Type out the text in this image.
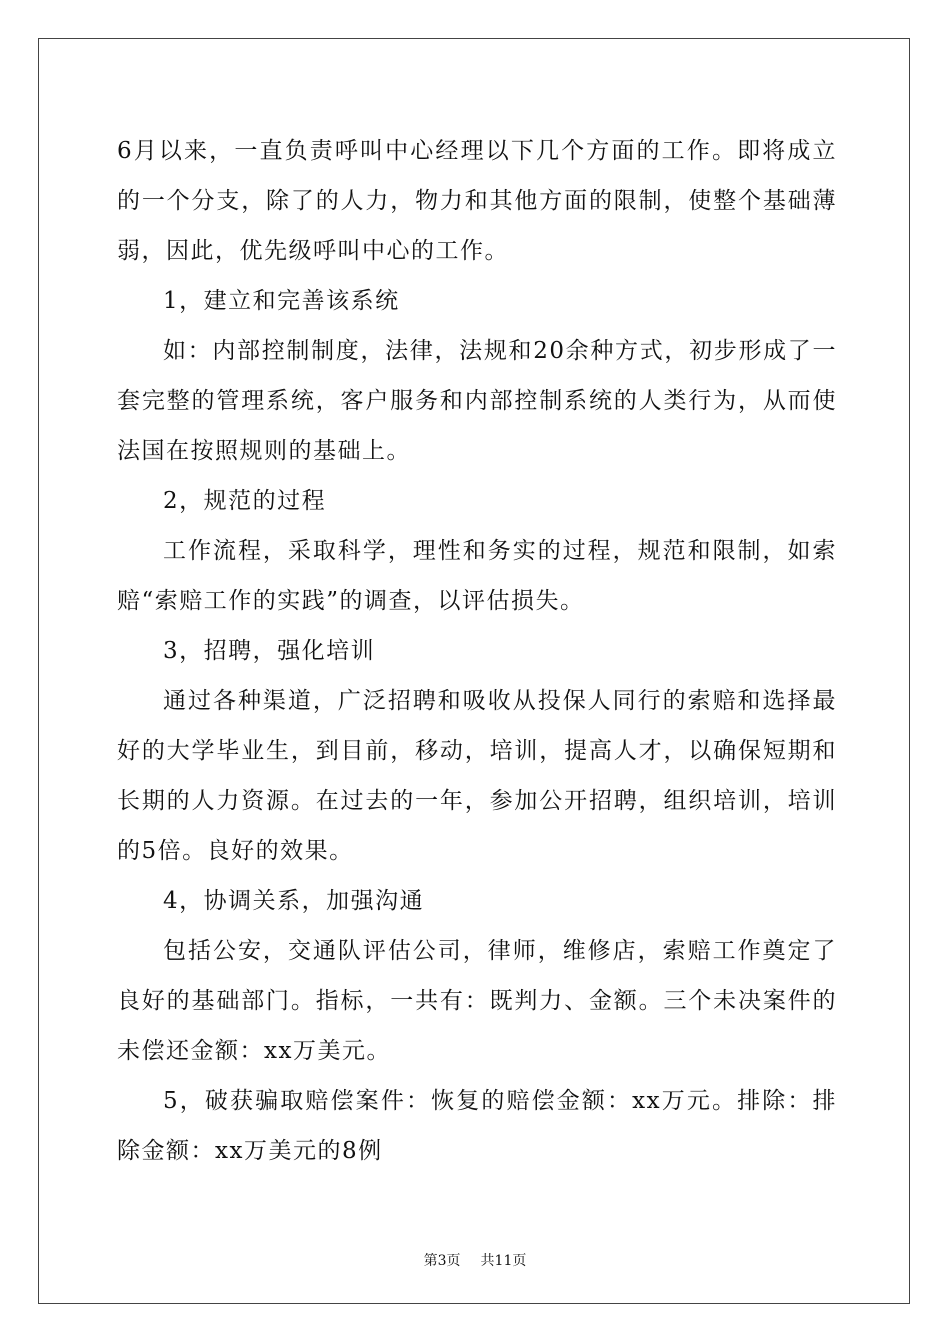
6月以来，一直负责呼叫中心经理以下几个方面的工作。即将成立的一个分支，除了的人力，物力和其他方面的限制，使整个基础薄弱，因此，优先级呼叫中心的工作。

1，建立和完善该系统

如：内部控制制度，法律，法规和20余种方式，初步形成了一套完整的管理系统，客户服务和内部控制系统的人类行为，从而使法国在按照规则的基础上。

2，规范的过程

工作流程，采取科学，理性和务实的过程，规范和限制，如索赔“索赔工作的实践”的调查，以评估损失。

3，招聘，强化培训

通过各种渠道，广泛招聘和吸收从投保人同行的索赔和选择最好的大学毕业生，到目前，移动，培训，提高人才，以确保短期和长期的人力资源。在过去的一年，参加公开招聘，组织培训，培训的5倍。良好的效果。

4，协调关系，加强沟通

包括公安，交通队评估公司，律师，维修店，索赔工作奠定了良好的基础部门。指标，一共有：既判力、金额。三个未决案件的未偿还金额：xx万美元。

5，破获骗取赔偿案件：恢复的赔偿金额：xx万元。排除：排除金额：xx万美元的8例

第3页 共11页
